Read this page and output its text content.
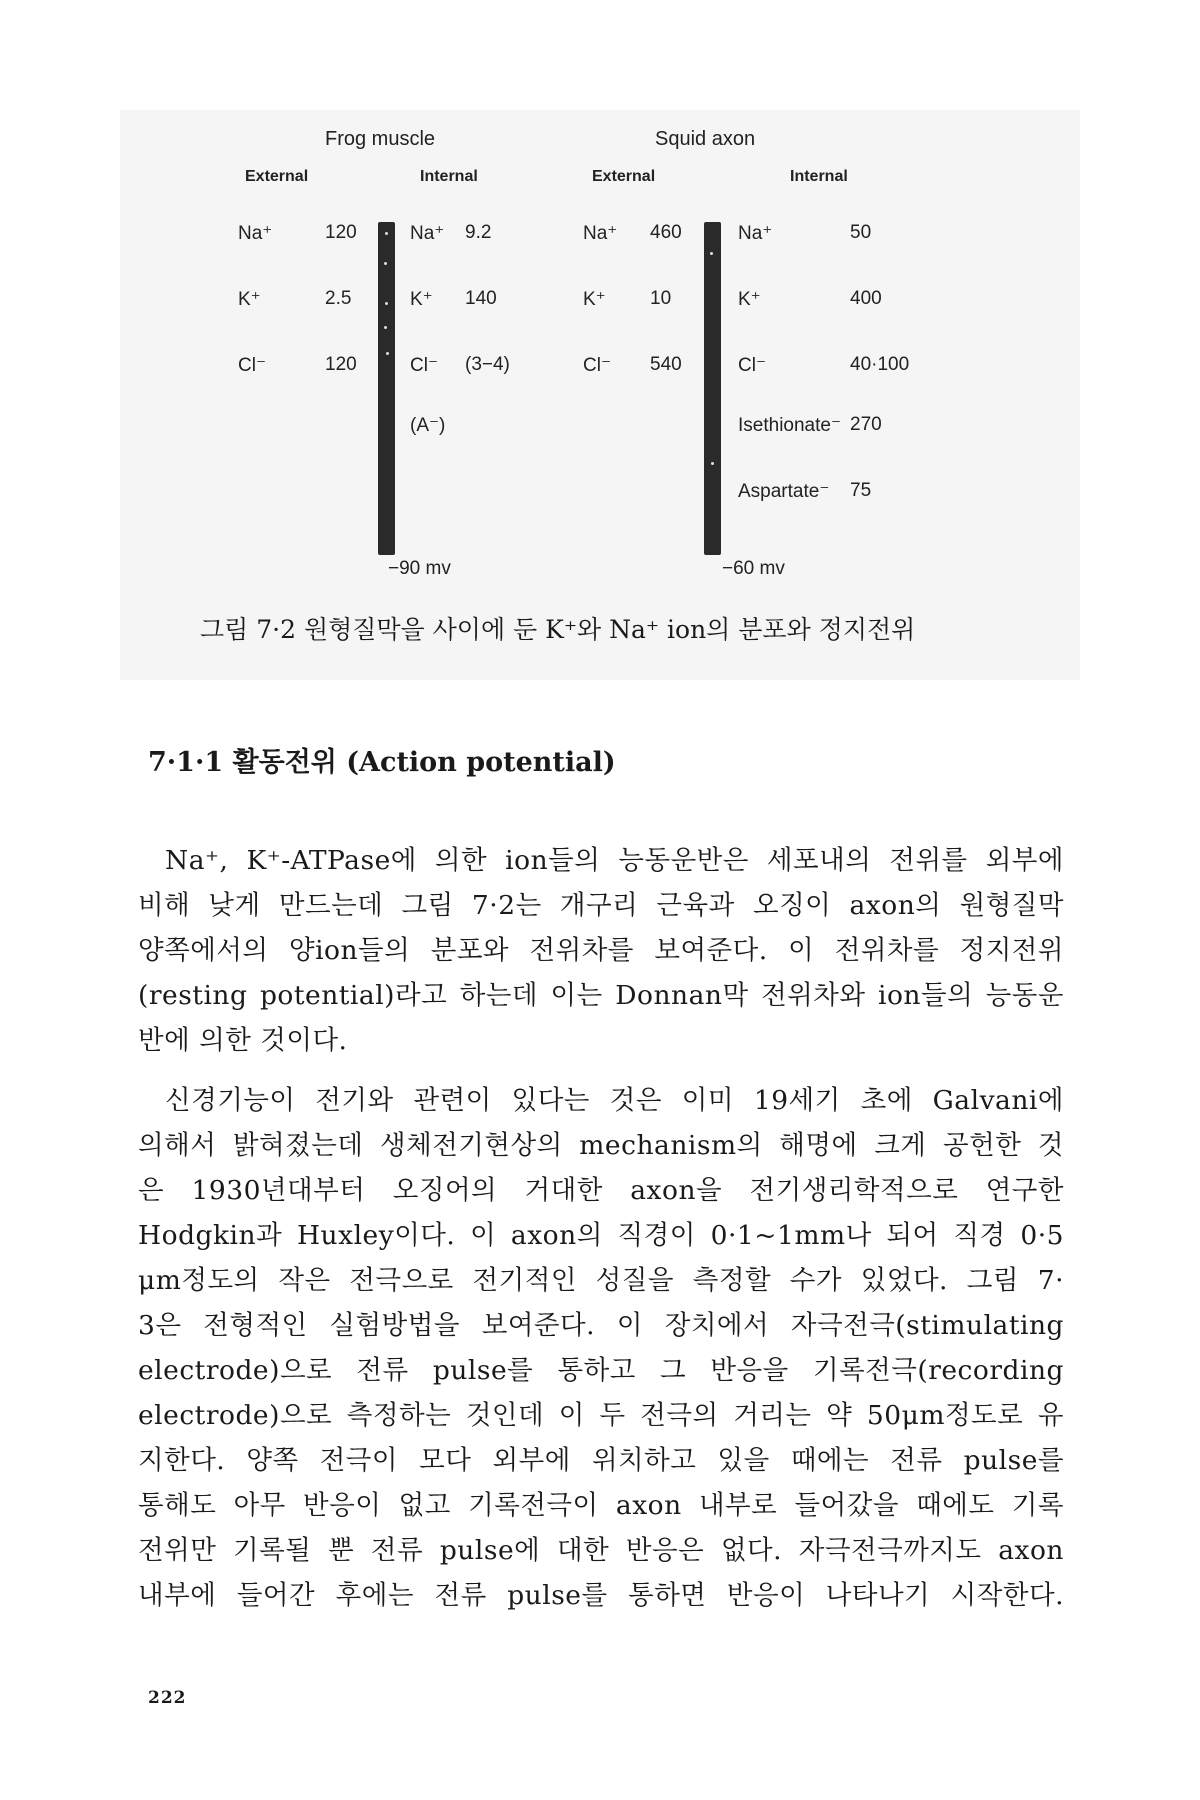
Frog muscle
External	Internal
Na⁺	120
K⁺	2.5
Cl⁻	120
Na⁺ 9.2
K⁺ 140
Cl⁻ (3−4)
(A⁻)
−90 mv
Squid axon
External	Internal
Na⁺ 460
K⁺ 10
Cl⁻ 540
Na⁺	50
K⁺	400
Cl⁻	40·100
Isethionate⁻ 270
Aspartate⁻ 75
−60 mv
그림 7·2 원형질막을 사이에 둔 K⁺와 Na⁺ ion의 분포와 정지전위
7·1·1 활동전위 (Action potential)
Na⁺, K⁺-ATPase에 의한 ion들의 능동운반은 세포내의 전위를 외부에
비해 낮게 만드는데 그림 7·2는 개구리 근육과 오징이 axon의 원형질막
양쪽에서의 양ion들의 분포와 전위차를 보여준다. 이 전위차를 정지전위
(resting potential)라고 하는데 이는 Donnan막 전위차와 ion들의 능동운
반에 의한 것이다.
신경기능이 전기와 관련이 있다는 것은 이미 19세기 초에 Galvani에
의해서 밝혀졌는데 생체전기현상의 mechanism의 해명에 크게 공헌한 것
은 1930년대부터 오징어의 거대한 axon을 전기생리학적으로 연구한
Hodgkin과 Huxley이다. 이 axon의 직경이 0·1~1mm나 되어 직경 0·5
μm정도의 작은 전극으로 전기적인 성질을 측정할 수가 있었다. 그림 7·
3은 전형적인 실험방법을 보여준다. 이 장치에서 자극전극(stimulating
electrode)으로 전류 pulse를 통하고 그 반응을 기록전극(recording
electrode)으로 측정하는 것인데 이 두 전극의 거리는 약 50μm정도로 유
지한다. 양쪽 전극이 모다 외부에 위치하고 있을 때에는 전류 pulse를
통해도 아무 반응이 없고 기록전극이 axon 내부로 들어갔을 때에도 기록
전위만 기록될 뿐 전류 pulse에 대한 반응은 없다. 자극전극까지도 axon
내부에 들어간 후에는 전류 pulse를 통하면 반응이 나타나기 시작한다.
222
